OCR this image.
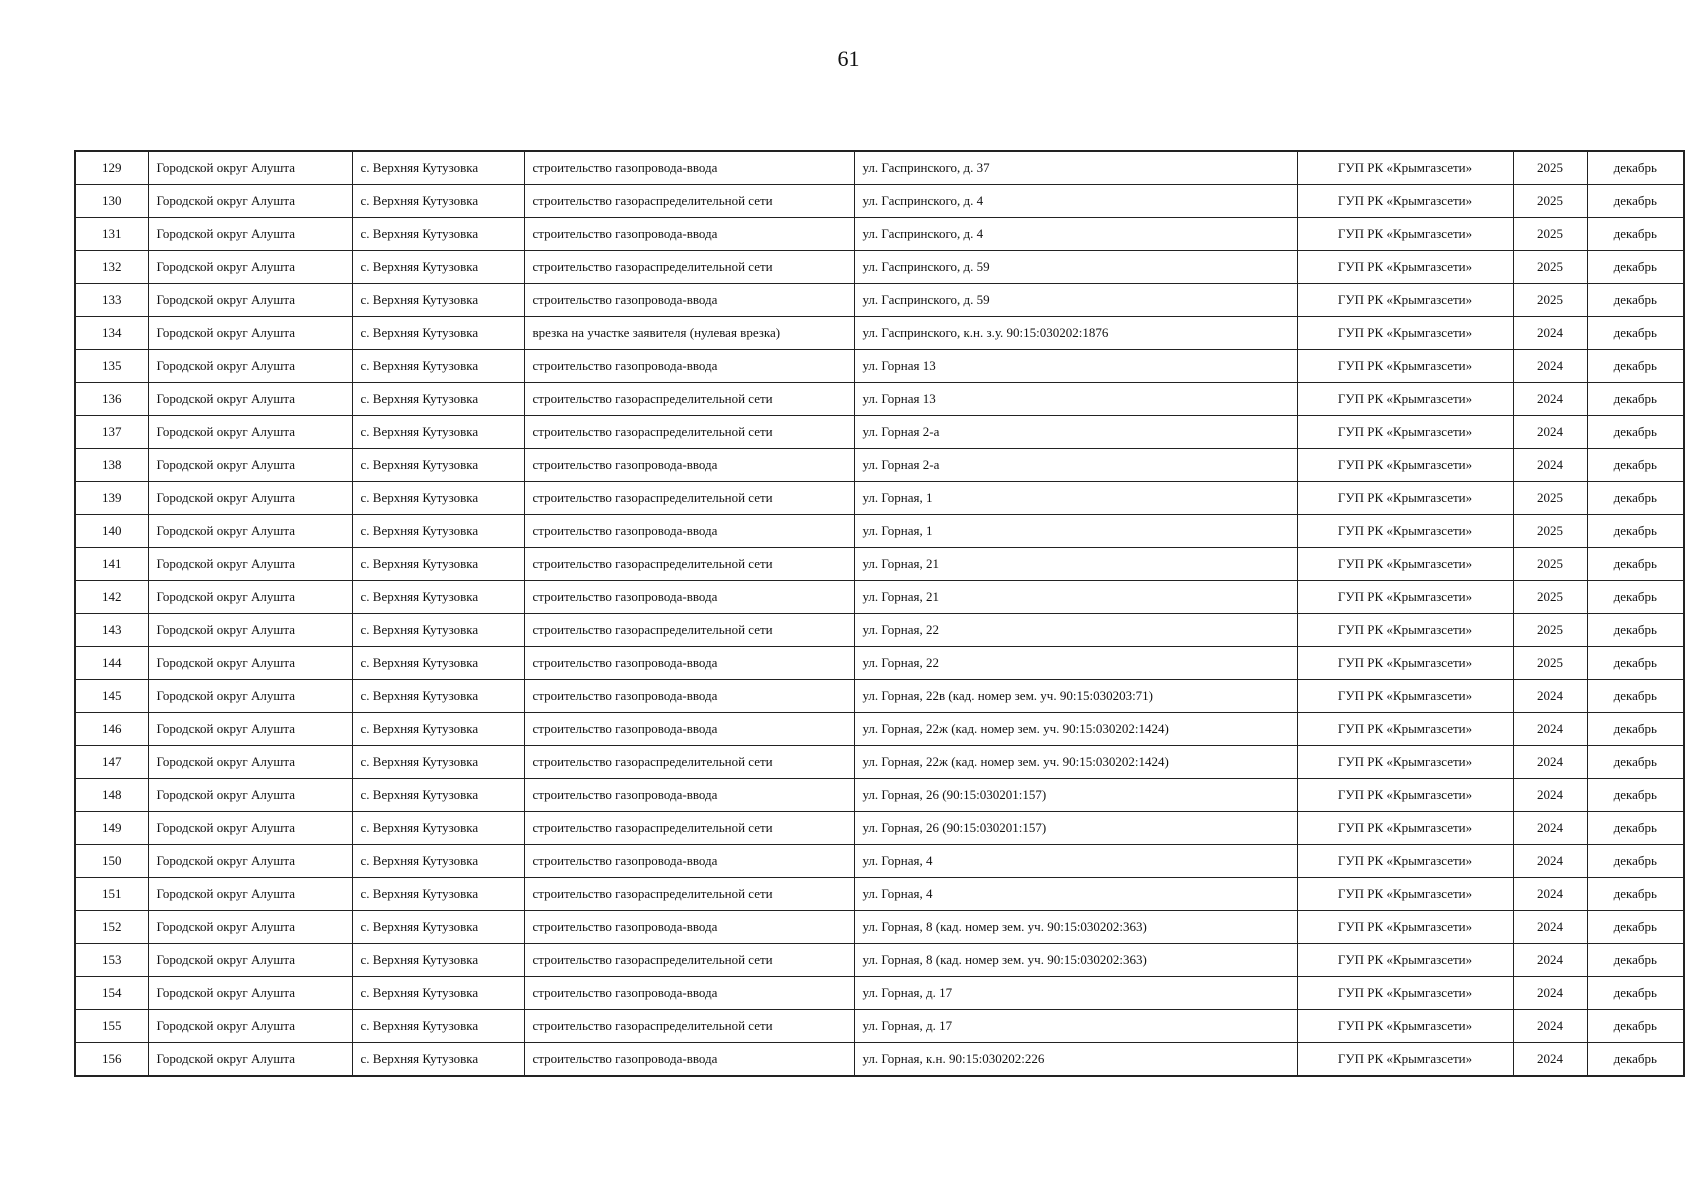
61
129	Городской округ Алушта	с. Верхняя Кутузовка	строительство газопровода-ввода	ул. Гаспринского, д. 37	ГУП РК «Крымгазсети»	2025	декабрь
130	Городской округ Алушта	с. Верхняя Кутузовка	строительство газораспределительной сети	ул. Гаспринского, д. 4	ГУП РК «Крымгазсети»	2025	декабрь
131	Городской округ Алушта	с. Верхняя Кутузовка	строительство газопровода-ввода	ул. Гаспринского, д. 4	ГУП РК «Крымгазсети»	2025	декабрь
132	Городской округ Алушта	с. Верхняя Кутузовка	строительство газораспределительной сети	ул. Гаспринского, д. 59	ГУП РК «Крымгазсети»	2025	декабрь
133	Городской округ Алушта	с. Верхняя Кутузовка	строительство газопровода-ввода	ул. Гаспринского, д. 59	ГУП РК «Крымгазсети»	2025	декабрь
134	Городской округ Алушта	с. Верхняя Кутузовка	врезка на участке заявителя (нулевая врезка)	ул. Гаспринского, к.н. з.у. 90:15:030202:1876	ГУП РК «Крымгазсети»	2024	декабрь
135	Городской округ Алушта	с. Верхняя Кутузовка	строительство газопровода-ввода	ул. Горная 13	ГУП РК «Крымгазсети»	2024	декабрь
136	Городской округ Алушта	с. Верхняя Кутузовка	строительство газораспределительной сети	ул. Горная 13	ГУП РК «Крымгазсети»	2024	декабрь
137	Городской округ Алушта	с. Верхняя Кутузовка	строительство газораспределительной сети	ул. Горная 2-а	ГУП РК «Крымгазсети»	2024	декабрь
138	Городской округ Алушта	с. Верхняя Кутузовка	строительство газопровода-ввода	ул. Горная 2-а	ГУП РК «Крымгазсети»	2024	декабрь
139	Городской округ Алушта	с. Верхняя Кутузовка	строительство газораспределительной сети	ул. Горная, 1	ГУП РК «Крымгазсети»	2025	декабрь
140	Городской округ Алушта	с. Верхняя Кутузовка	строительство газопровода-ввода	ул. Горная, 1	ГУП РК «Крымгазсети»	2025	декабрь
141	Городской округ Алушта	с. Верхняя Кутузовка	строительство газораспределительной сети	ул. Горная, 21	ГУП РК «Крымгазсети»	2025	декабрь
142	Городской округ Алушта	с. Верхняя Кутузовка	строительство газопровода-ввода	ул. Горная, 21	ГУП РК «Крымгазсети»	2025	декабрь
143	Городской округ Алушта	с. Верхняя Кутузовка	строительство газораспределительной сети	ул. Горная, 22	ГУП РК «Крымгазсети»	2025	декабрь
144	Городской округ Алушта	с. Верхняя Кутузовка	строительство газопровода-ввода	ул. Горная, 22	ГУП РК «Крымгазсети»	2025	декабрь
145	Городской округ Алушта	с. Верхняя Кутузовка	строительство газопровода-ввода	ул. Горная, 22в (кад. номер зем. уч. 90:15:030203:71)	ГУП РК «Крымгазсети»	2024	декабрь
146	Городской округ Алушта	с. Верхняя Кутузовка	строительство газопровода-ввода	ул. Горная, 22ж (кад. номер зем. уч. 90:15:030202:1424)	ГУП РК «Крымгазсети»	2024	декабрь
147	Городской округ Алушта	с. Верхняя Кутузовка	строительство газораспределительной сети	ул. Горная, 22ж (кад. номер зем. уч. 90:15:030202:1424)	ГУП РК «Крымгазсети»	2024	декабрь
148	Городской округ Алушта	с. Верхняя Кутузовка	строительство газопровода-ввода	ул. Горная, 26 (90:15:030201:157)	ГУП РК «Крымгазсети»	2024	декабрь
149	Городской округ Алушта	с. Верхняя Кутузовка	строительство газораспределительной сети	ул. Горная, 26 (90:15:030201:157)	ГУП РК «Крымгазсети»	2024	декабрь
150	Городской округ Алушта	с. Верхняя Кутузовка	строительство газопровода-ввода	ул. Горная, 4	ГУП РК «Крымгазсети»	2024	декабрь
151	Городской округ Алушта	с. Верхняя Кутузовка	строительство газораспределительной сети	ул. Горная, 4	ГУП РК «Крымгазсети»	2024	декабрь
152	Городской округ Алушта	с. Верхняя Кутузовка	строительство газопровода-ввода	ул. Горная, 8 (кад. номер зем. уч. 90:15:030202:363)	ГУП РК «Крымгазсети»	2024	декабрь
153	Городской округ Алушта	с. Верхняя Кутузовка	строительство газораспределительной сети	ул. Горная, 8 (кад. номер зем. уч. 90:15:030202:363)	ГУП РК «Крымгазсети»	2024	декабрь
154	Городской округ Алушта	с. Верхняя Кутузовка	строительство газопровода-ввода	ул. Горная, д. 17	ГУП РК «Крымгазсети»	2024	декабрь
155	Городской округ Алушта	с. Верхняя Кутузовка	строительство газораспределительной сети	ул. Горная, д. 17	ГУП РК «Крымгазсети»	2024	декабрь
156	Городской округ Алушта	с. Верхняя Кутузовка	строительство газопровода-ввода	ул. Горная, к.н. 90:15:030202:226	ГУП РК «Крымгазсети»	2024	декабрь
